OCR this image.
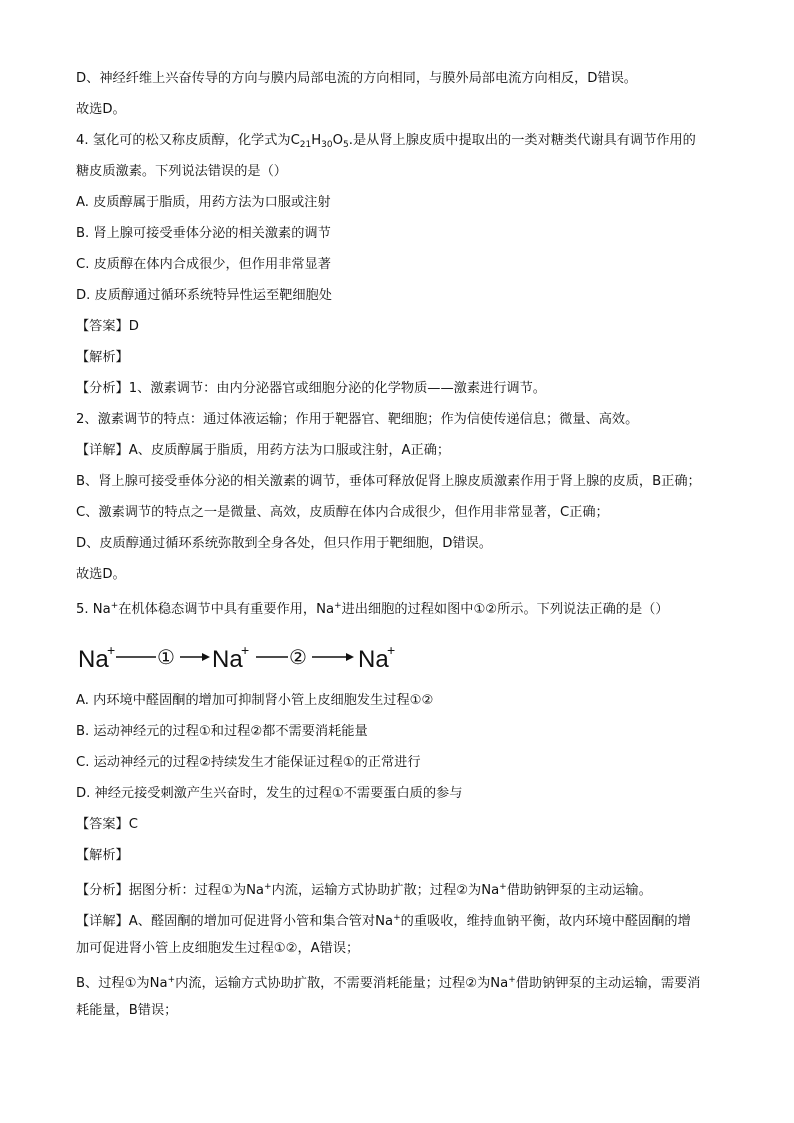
D、神经纤维上兴奋传导的方向与膜内局部电流的方向相同，与膜外局部电流方向相反，D错误。
故选D。
4. 氢化可的松又称皮质醇，化学式为$C_{21}H_{30}O_5$.是从肾上腺皮质中提取出的一类对糖类代谢具有调节作用的
糖皮质激素。下列说法错误的是（）
A. 皮质醇属于脂质，用药方法为口服或注射
B. 肾上腺可接受垂体分泌的相关激素的调节
C. 皮质醇在体内合成很少，但作用非常显著
D. 皮质醇通过循环系统特异性运至靶细胞处
【答案】D
【解析】
【分析】1、激素调节：由内分泌器官或细胞分泌的化学物质——激素进行调节。
2、激素调节的特点：通过体液运输；作用于靶器官、靶细胞；作为信使传递信息；微量、高效。
【详解】A、皮质醇属于脂质，用药方法为口服或注射，A正确；
B、肾上腺可接受垂体分泌的相关激素的调节，垂体可释放促肾上腺皮质激素作用于肾上腺的皮质，B正确；
C、激素调节的特点之一是微量、高效，皮质醇在体内合成很少，但作用非常显著，C正确；
D、皮质醇通过循环系统弥散到全身各处，但只作用于靶细胞，D错误。
故选D。
5. Na+在机体稳态调节中具有重要作用，Na+进出细胞的过程如图中①②所示。下列说法正确的是（）
Na
+ ① Na
+ ② Na
+
A. 内环境中醛固酮的增加可抑制肾小管上皮细胞发生过程①②
B. 运动神经元的过程①和过程②都不需要消耗能量
C. 运动神经元的过程②持续发生才能保证过程①的正常进行
D. 神经元接受刺激产生兴奋时，发生的过程①不需要蛋白质的参与
【答案】C
【解析】
【分析】据图分析：过程①为Na+内流，运输方式协助扩散；过程②为Na+借助钠钾泵的主动运输。
【详解】A、醛固酮的增加可促进肾小管和集合管对Na+的重吸收，维持血钠平衡，故内环境中醛固酮的增
加可促进肾小管上皮细胞发生过程①②，A错误；
B、过程①为Na+内流，运输方式协助扩散，不需要消耗能量；过程②为Na+借助钠钾泵的主动运输，需要消
耗能量，B错误；
